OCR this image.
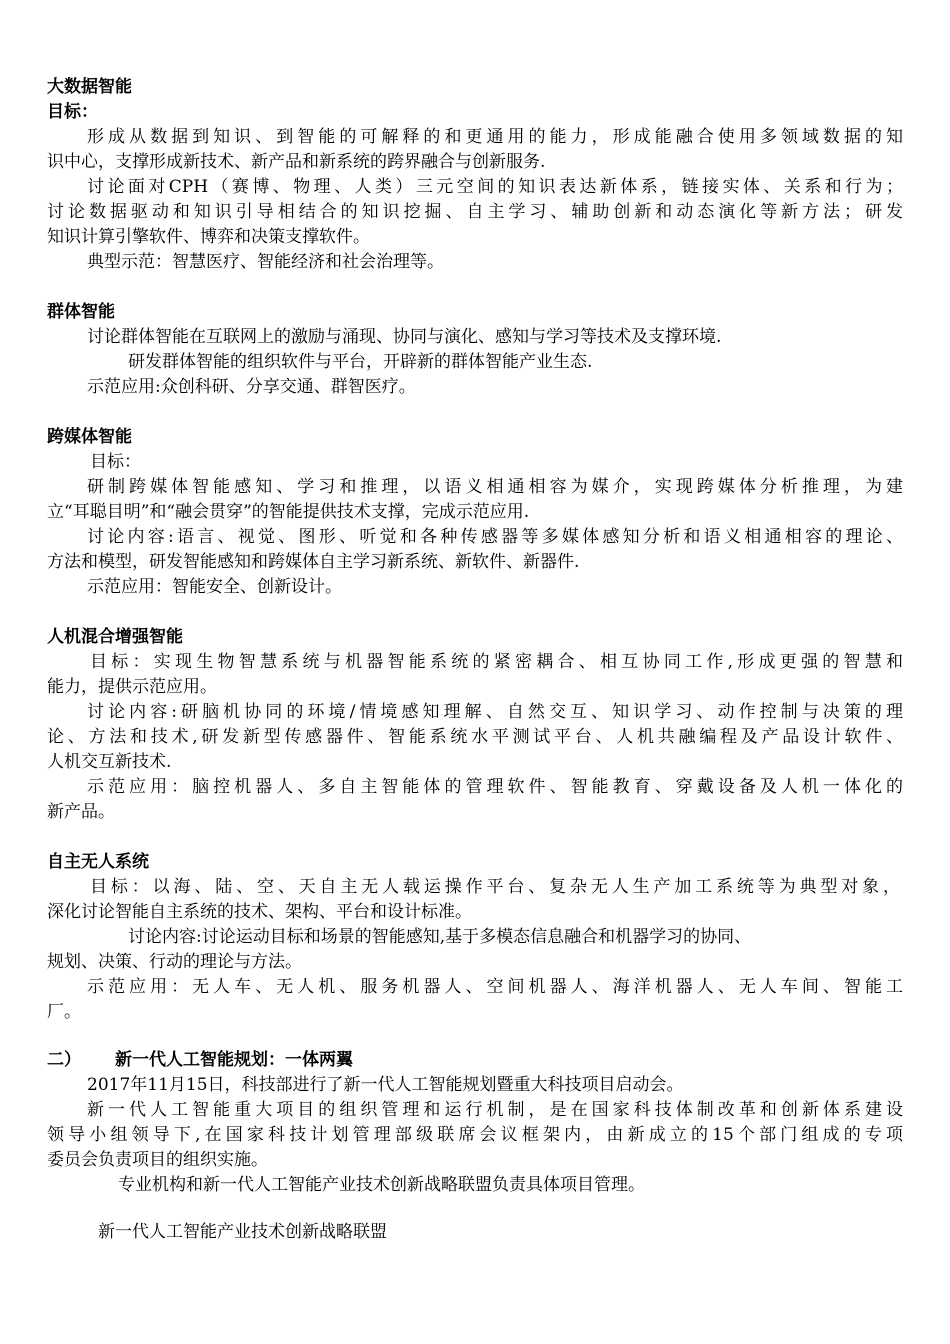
大数据智能
目标：
形成从数据到知识、到智能的可解释的和更通用的能力，形成能融合使用多领域数据的知
识中心，支撑形成新技术、新产品和新系统的跨界融合与创新服务.
讨论面对CPH（赛博、物理、人类）三元空间的知识表达新体系，链接实体、关系和行为；
讨论数据驱动和知识引导相结合的知识挖掘、自主学习、辅助创新和动态演化等新方法；研发
知识计算引擎软件、博弈和决策支撑软件。
典型示范：智慧医疗、智能经济和社会治理等。
群体智能
讨论群体智能在互联网上的激励与涌现、协同与演化、感知与学习等技术及支撑环境.
研发群体智能的组织软件与平台，开辟新的群体智能产业生态.
示范应用:众创科研、分享交通、群智医疗。
跨媒体智能
目标：
研制跨媒体智能感知、学习和推理，以语义相通相容为媒介，实现跨媒体分析推理，为建
立“耳聪目明”和“融会贯穿”的智能提供技术支撑，完成示范应用.
讨论内容:语言、视觉、图形、听觉和各种传感器等多媒体感知分析和语义相通相容的理论、
方法和模型，研发智能感知和跨媒体自主学习新系统、新软件、新器件.
示范应用：智能安全、创新设计。
人机混合增强智能
目标：实现生物智慧系统与机器智能系统的紧密耦合、相互协同工作,形成更强的智慧和
能力，提供示范应用。
讨论内容:研脑机协同的环境/情境感知理解、自然交互、知识学习、动作控制与决策的理
论、方法和技术,研发新型传感器件、智能系统水平测试平台、人机共融编程及产品设计软件、
人机交互新技术.
示范应用：脑控机器人、多自主智能体的管理软件、智能教育、穿戴设备及人机一体化的
新产品。
自主无人系统
目标：以海、陆、空、天自主无人载运操作平台、复杂无人生产加工系统等为典型对象，
深化讨论智能自主系统的技术、架构、平台和设计标准。
讨论内容:讨论运动目标和场景的智能感知,基于多模态信息融合和机器学习的协同、
规划、决策、行动的理论与方法。
示范应用：无人车、无人机、服务机器人、空间机器人、海洋机器人、无人车间、智能工
厂。
二） 新一代人工智能规划：一体两翼
2017年11月15日，科技部进行了新一代人工智能规划暨重大科技项目启动会。
新一代人工智能重大项目的组织管理和运行机制，是在国家科技体制改革和创新体系建设
领导小组领导下,在国家科技计划管理部级联席会议框架内，由新成立的15个部门组成的专项
委员会负责项目的组织实施。
专业机构和新一代人工智能产业技术创新战略联盟负责具体项目管理。
新一代人工智能产业技术创新战略联盟
